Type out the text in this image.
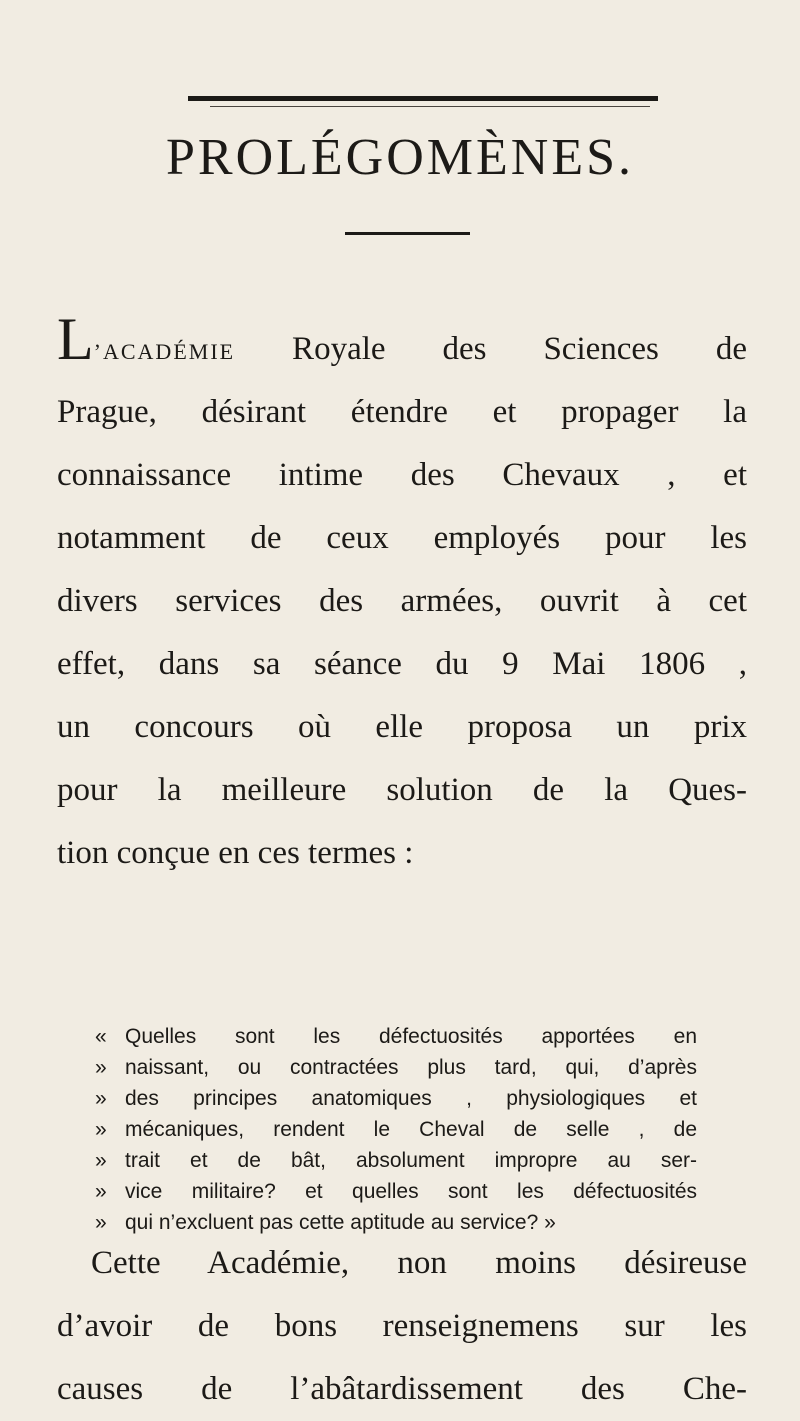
PROLÉGOMÈNES.
L’ACADÉMIE Royale des Sciences de
Prague, désirant étendre et propager la
connaissance intime des Chevaux , et
notamment de ceux employés pour les
divers services des armées, ouvrit à cet
effet, dans sa séance du 9 Mai 1806 ,
un concours où elle proposa un prix
pour la meilleure solution de la Ques-
tion conçue en ces termes :
« Quelles sont les défectuosités apportées en
» naissant, ou contractées plus tard, qui, d’après
» des principes anatomiques , physiologiques et
» mécaniques, rendent le Cheval de selle , de
» trait et de bât, absolument impropre au ser-
» vice militaire? et quelles sont les défectuosités
» qui n’excluent pas cette aptitude au service? »
Cette Académie, non moins désireuse
d’avoir de bons renseignemens sur les
causes de l’abâtardissement des Che-
